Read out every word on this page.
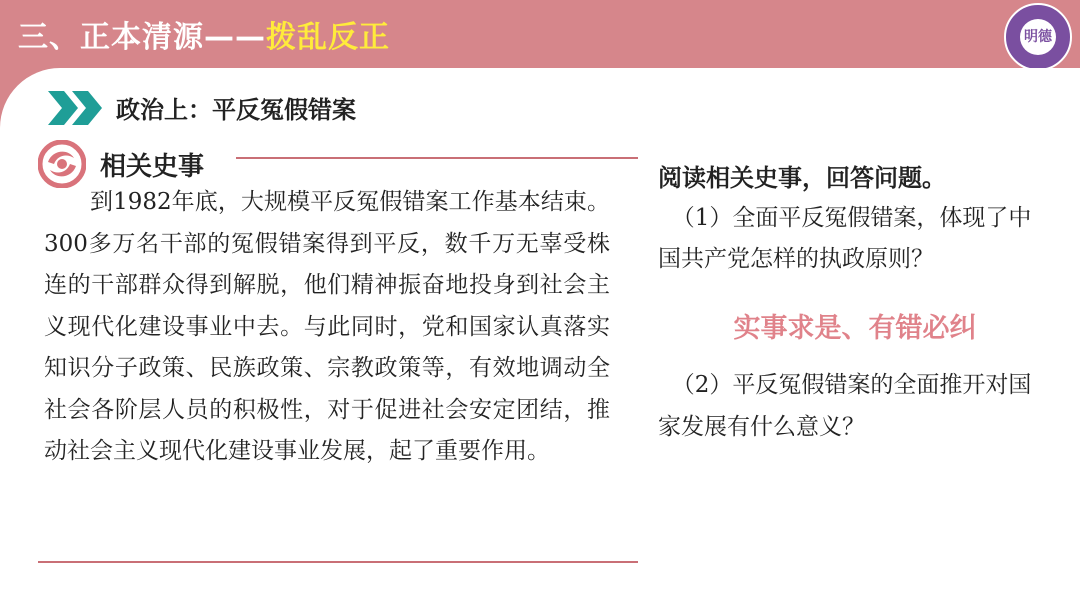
三、正本清源——拨乱反正	明德
政治上：平反冤假错案
相关史事
到1982年底，大规模平反冤假错案工作基本结束。300多万名干部的冤假错案得到平反，数千万无辜受株连的干部群众得到解脱，他们精神振奋地投身到社会主义现代化建设事业中去。与此同时，党和国家认真落实知识分子政策、民族政策、宗教政策等，有效地调动全社会各阶层人员的积极性，对于促进社会安定团结，推动社会主义现代化建设事业发展，起了重要作用。
阅读相关史事，回答问题。
（1）全面平反冤假错案，体现了中国共产党怎样的执政原则？
实事求是、有错必纠
（2）平反冤假错案的全面推开对国家发展有什么意义？
